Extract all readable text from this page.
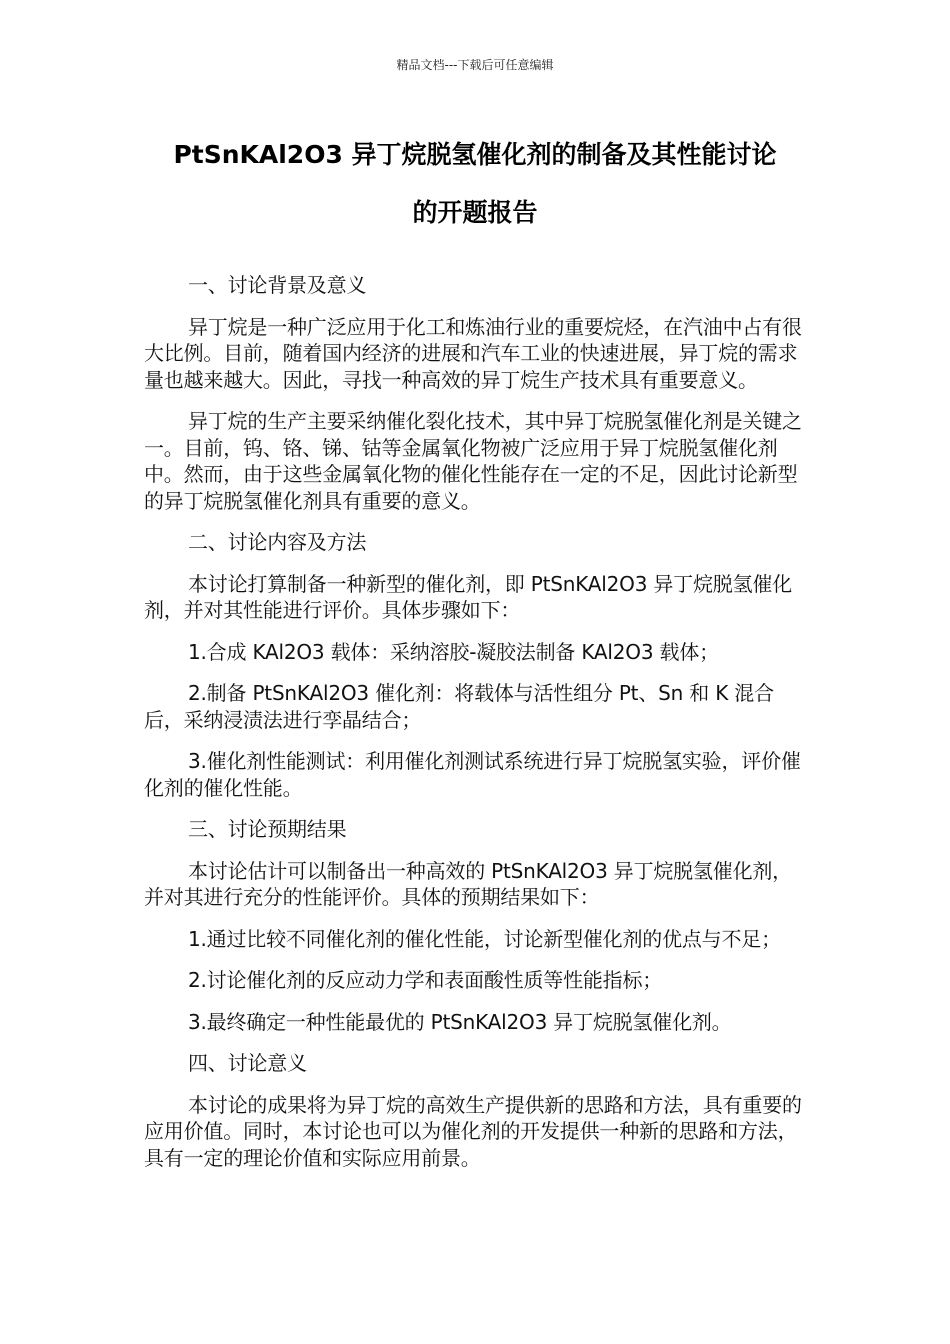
精品文档---下载后可任意编辑
PtSnKAl2O3 异丁烷脱氢催化剂的制备及其性能讨论
的开题报告

一、讨论背景及意义

异丁烷是一种广泛应用于化工和炼油行业的重要烷烃，在汽油中占有很大比例。目前，随着国内经济的进展和汽车工业的快速进展，异丁烷的需求量也越来越大。因此，寻找一种高效的异丁烷生产技术具有重要意义。

异丁烷的生产主要采纳催化裂化技术，其中异丁烷脱氢催化剂是关键之一。目前，钨、铬、锑、钴等金属氧化物被广泛应用于异丁烷脱氢催化剂中。然而，由于这些金属氧化物的催化性能存在一定的不足，因此讨论新型的异丁烷脱氢催化剂具有重要的意义。

二、讨论内容及方法

本讨论打算制备一种新型的催化剂，即 PtSnKAl2O3 异丁烷脱氢催化剂，并对其性能进行评价。具体步骤如下：

1.合成 KAl2O3 载体：采纳溶胶-凝胶法制备 KAl2O3 载体；

2.制备 PtSnKAl2O3 催化剂：将载体与活性组分 Pt、Sn 和 K 混合后，采纳浸渍法进行孪晶结合；

3.催化剂性能测试：利用催化剂测试系统进行异丁烷脱氢实验，评价催化剂的催化性能。

三、讨论预期结果

本讨论估计可以制备出一种高效的 PtSnKAl2O3 异丁烷脱氢催化剂，并对其进行充分的性能评价。具体的预期结果如下：

1.通过比较不同催化剂的催化性能，讨论新型催化剂的优点与不足；

2.讨论催化剂的反应动力学和表面酸性质等性能指标；

3.最终确定一种性能最优的 PtSnKAl2O3 异丁烷脱氢催化剂。

四、讨论意义

本讨论的成果将为异丁烷的高效生产提供新的思路和方法，具有重要的应用价值。同时，本讨论也可以为催化剂的开发提供一种新的思路和方法，具有一定的理论价值和实际应用前景。
